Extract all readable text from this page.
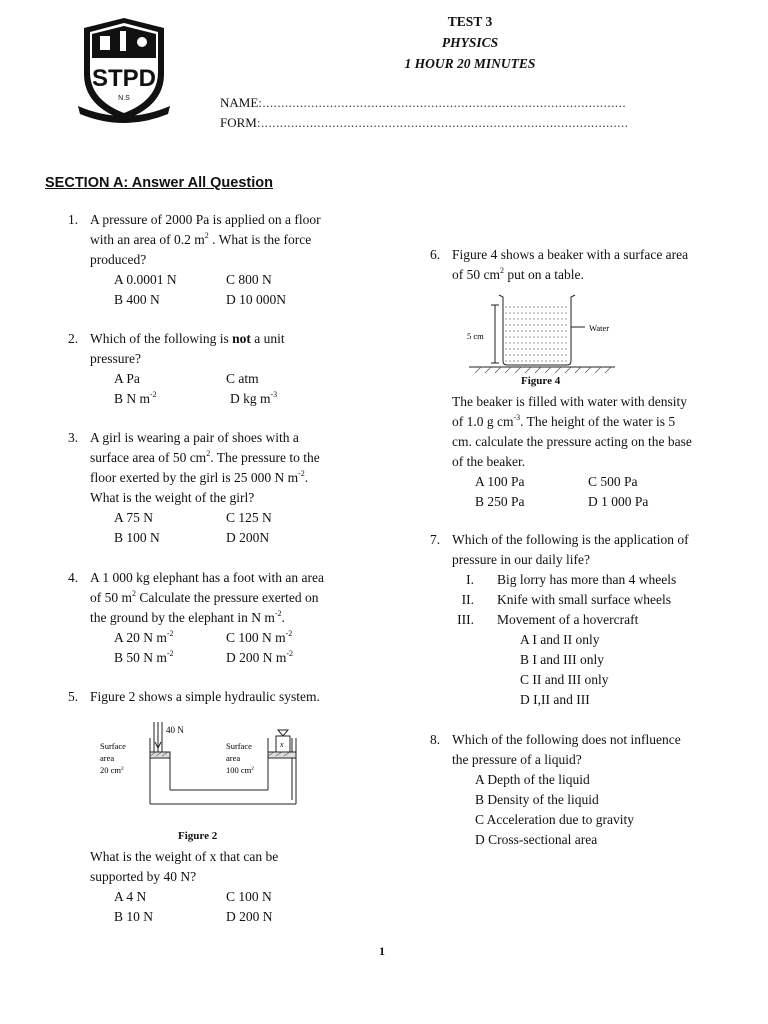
STPD
N.S
TEST 3
PHYSICS
1 HOUR 20 MINUTES
NAME:.................................................................................................
FORM:..................................................................................................
SECTION A: Answer All Question
1. A pressure of 2000 Pa is applied on a floor
with an area of 0.2 $m^2$ . What is the force
produced?
A 0.0001 N	C 800 N
B 400 N	D 10 000N
2. Which of the following is not a unit
pressure?
A Pa	C atm
B N $m^{-2}$	D kg $m^{-3}$
3. A girl is wearing a pair of shoes with a
surface area of 50 $cm^2$. The pressure to the
floor exerted by the girl is 25 000 N $m^{-2}$.
What is the weight of the girl?
A 75 N	C 125 N
B 100 N	D 200N
4. A 1 000 kg elephant has a foot with an area
of 50 $m^2$ Calculate the pressure exerted on
the ground by the elephant in N $m^{-2}$.
A 20 N $m^{-2}$	C 100 N $m^{-2}$
B 50 N $m^{-2}$	D 200 N $m^{-2}$
5. Figure 2 shows a simple hydraulic system.
40 N
Surface
area
20 $cm^2$
Surface
area
100 $cm^2$
x
Figure 2
What is the weight of x that can be
supported by 40 N?
A 4 N	C 100 N
B 10 N	D 200 N
6. Figure 4 shows a beaker with a surface area
of 50 $cm^2$ put on a table.
5 cm
Water
Figure 4
The beaker is filled with water with density
of 1.0 g $cm^{-3}$. The height of the water is 5
cm. calculate the pressure acting on the base
of the beaker.
A 100 Pa	C 500 Pa
B 250 Pa	D 1 000 Pa
7. Which of the following is the application of
pressure in our daily life?
I. Big lorry has more than 4 wheels
II. Knife with small surface wheels
III. Movement of a hovercraft
A I and II only
B I and III only
C II and III only
D I,II and III
8. Which of the following does not influence
the pressure of a liquid?
A Depth of the liquid
B Density of the liquid
C Acceleration due to gravity
D Cross-sectional area
1
